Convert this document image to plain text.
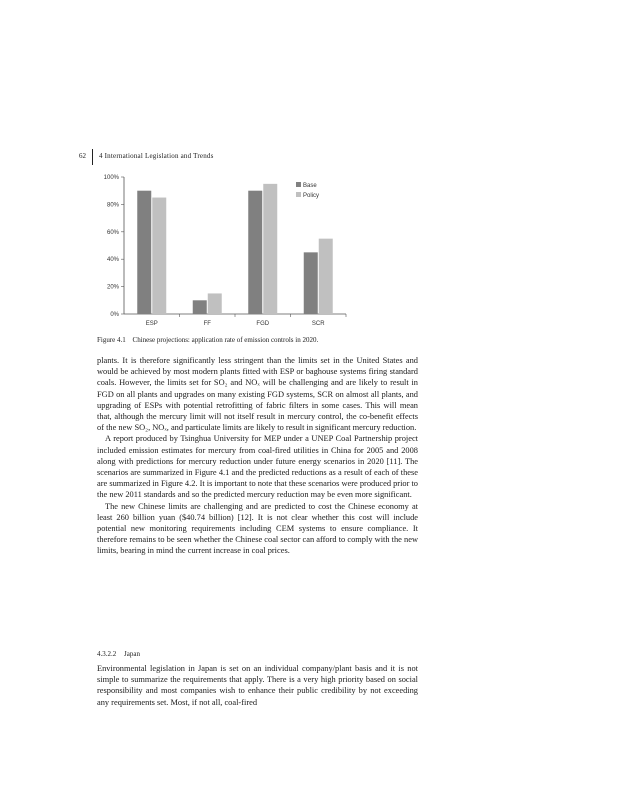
62 4 International Legislation and Trends
0%
20%
40%
60%
80%
100%
ESP	FF	FGD	SCR
Base
Policy
Figure 4.1 Chinese projections: application rate of emission controls in 2020.

plants. It is therefore significantly less stringent than the limits set in the United States and would be achieved by most modern plants fitted with ESP or baghouse systems firing standard coals. However, the limits set for SO₂ and NOₓ will be challenging and are likely to result in FGD on all plants and upgrades on many existing FGD systems, SCR on almost all plants, and upgrading of ESPs with potential retrofitting of fabric filters in some cases. This will mean that, although the mercury limit will not itself result in mercury control, the co-benefit effects of the new SO₂, NOₓ, and particulate limits are likely to result in significant mercury reduction.

A report produced by Tsinghua University for MEP under a UNEP Coal Partnership project included emission estimates for mercury from coal-fired utilities in China for 2005 and 2008 along with predictions for mercury reduction under future energy scenarios in 2020 [11]. The scenarios are summarized in Figure 4.1 and the predicted reductions as a result of each of these are summarized in Figure 4.2. It is important to note that these scenarios were produced prior to the new 2011 standards and so the predicted mercury reduction may be even more significant.

The new Chinese limits are challenging and are predicted to cost the Chinese economy at least 260 billion yuan ($40.74 billion) [12]. It is not clear whether this cost will include potential new monitoring requirements including CEM systems to ensure compliance. It therefore remains to be seen whether the Chinese coal sector can afford to comply with the new limits, bearing in mind the current increase in coal prices.

4.3.2.2 Japan

Environmental legislation in Japan is set on an individual company/plant basis and it is not simple to summarize the requirements that apply. There is a very high priority based on social responsibility and most companies wish to enhance their public credibility by not exceeding any requirements set. Most, if not all, coal-fired
